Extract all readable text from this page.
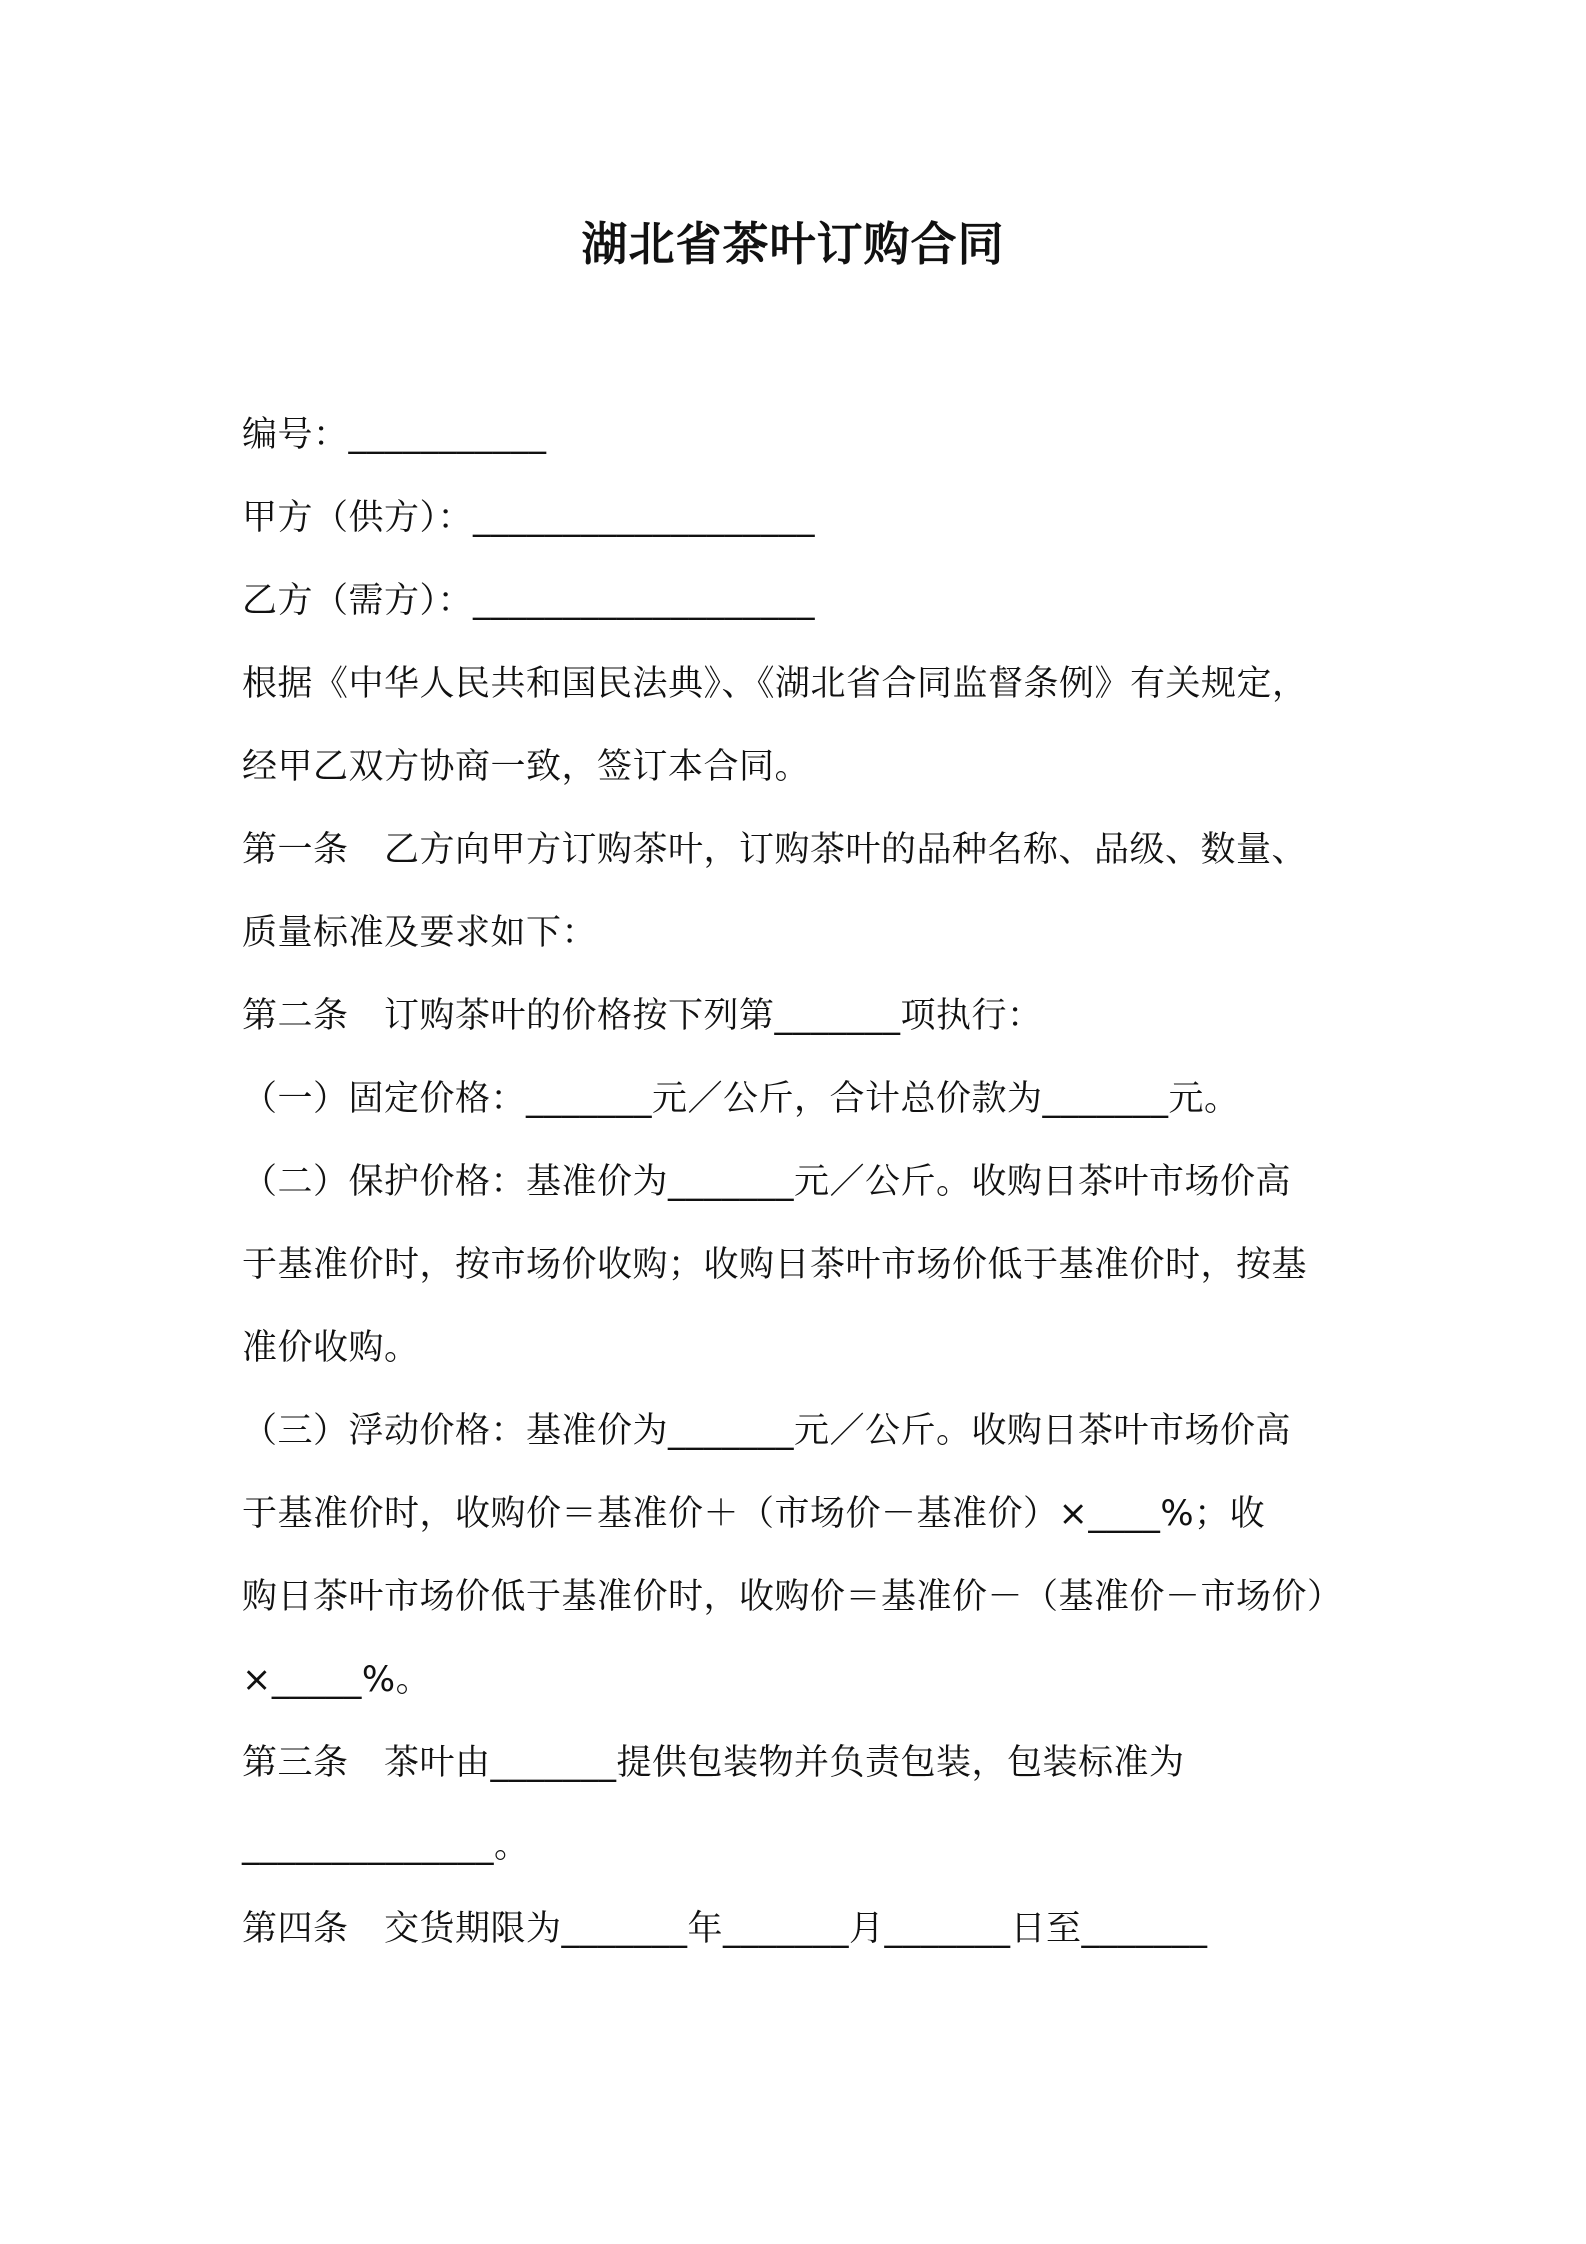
湖北省茶叶订购合同
编号：___________
甲方（供方）：___________________
乙方（需方）：___________________
根据《中华人民共和国民法典》、《湖北省合同监督条例》有关规定，
经甲乙双方协商一致，签订本合同。
第一条　乙方向甲方订购茶叶，订购茶叶的品种名称、品级、数量、
质量标准及要求如下：
第二条　订购茶叶的价格按下列第_______项执行：
（一）固定价格：_______元／公斤，合计总价款为_______元。
（二）保护价格：基准价为_______元／公斤。收购日茶叶市场价高
于基准价时，按市场价收购；收购日茶叶市场价低于基准价时，按基
准价收购。
（三）浮动价格：基准价为_______元／公斤。收购日茶叶市场价高
于基准价时，收购价＝基准价＋（市场价－基准价）×____%；收
购日茶叶市场价低于基准价时，收购价＝基准价－（基准价－市场价）
×_____%。
第三条　茶叶由_______提供包装物并负责包装，包装标准为
______________。
第四条　交货期限为_______年_______月_______日至_______
